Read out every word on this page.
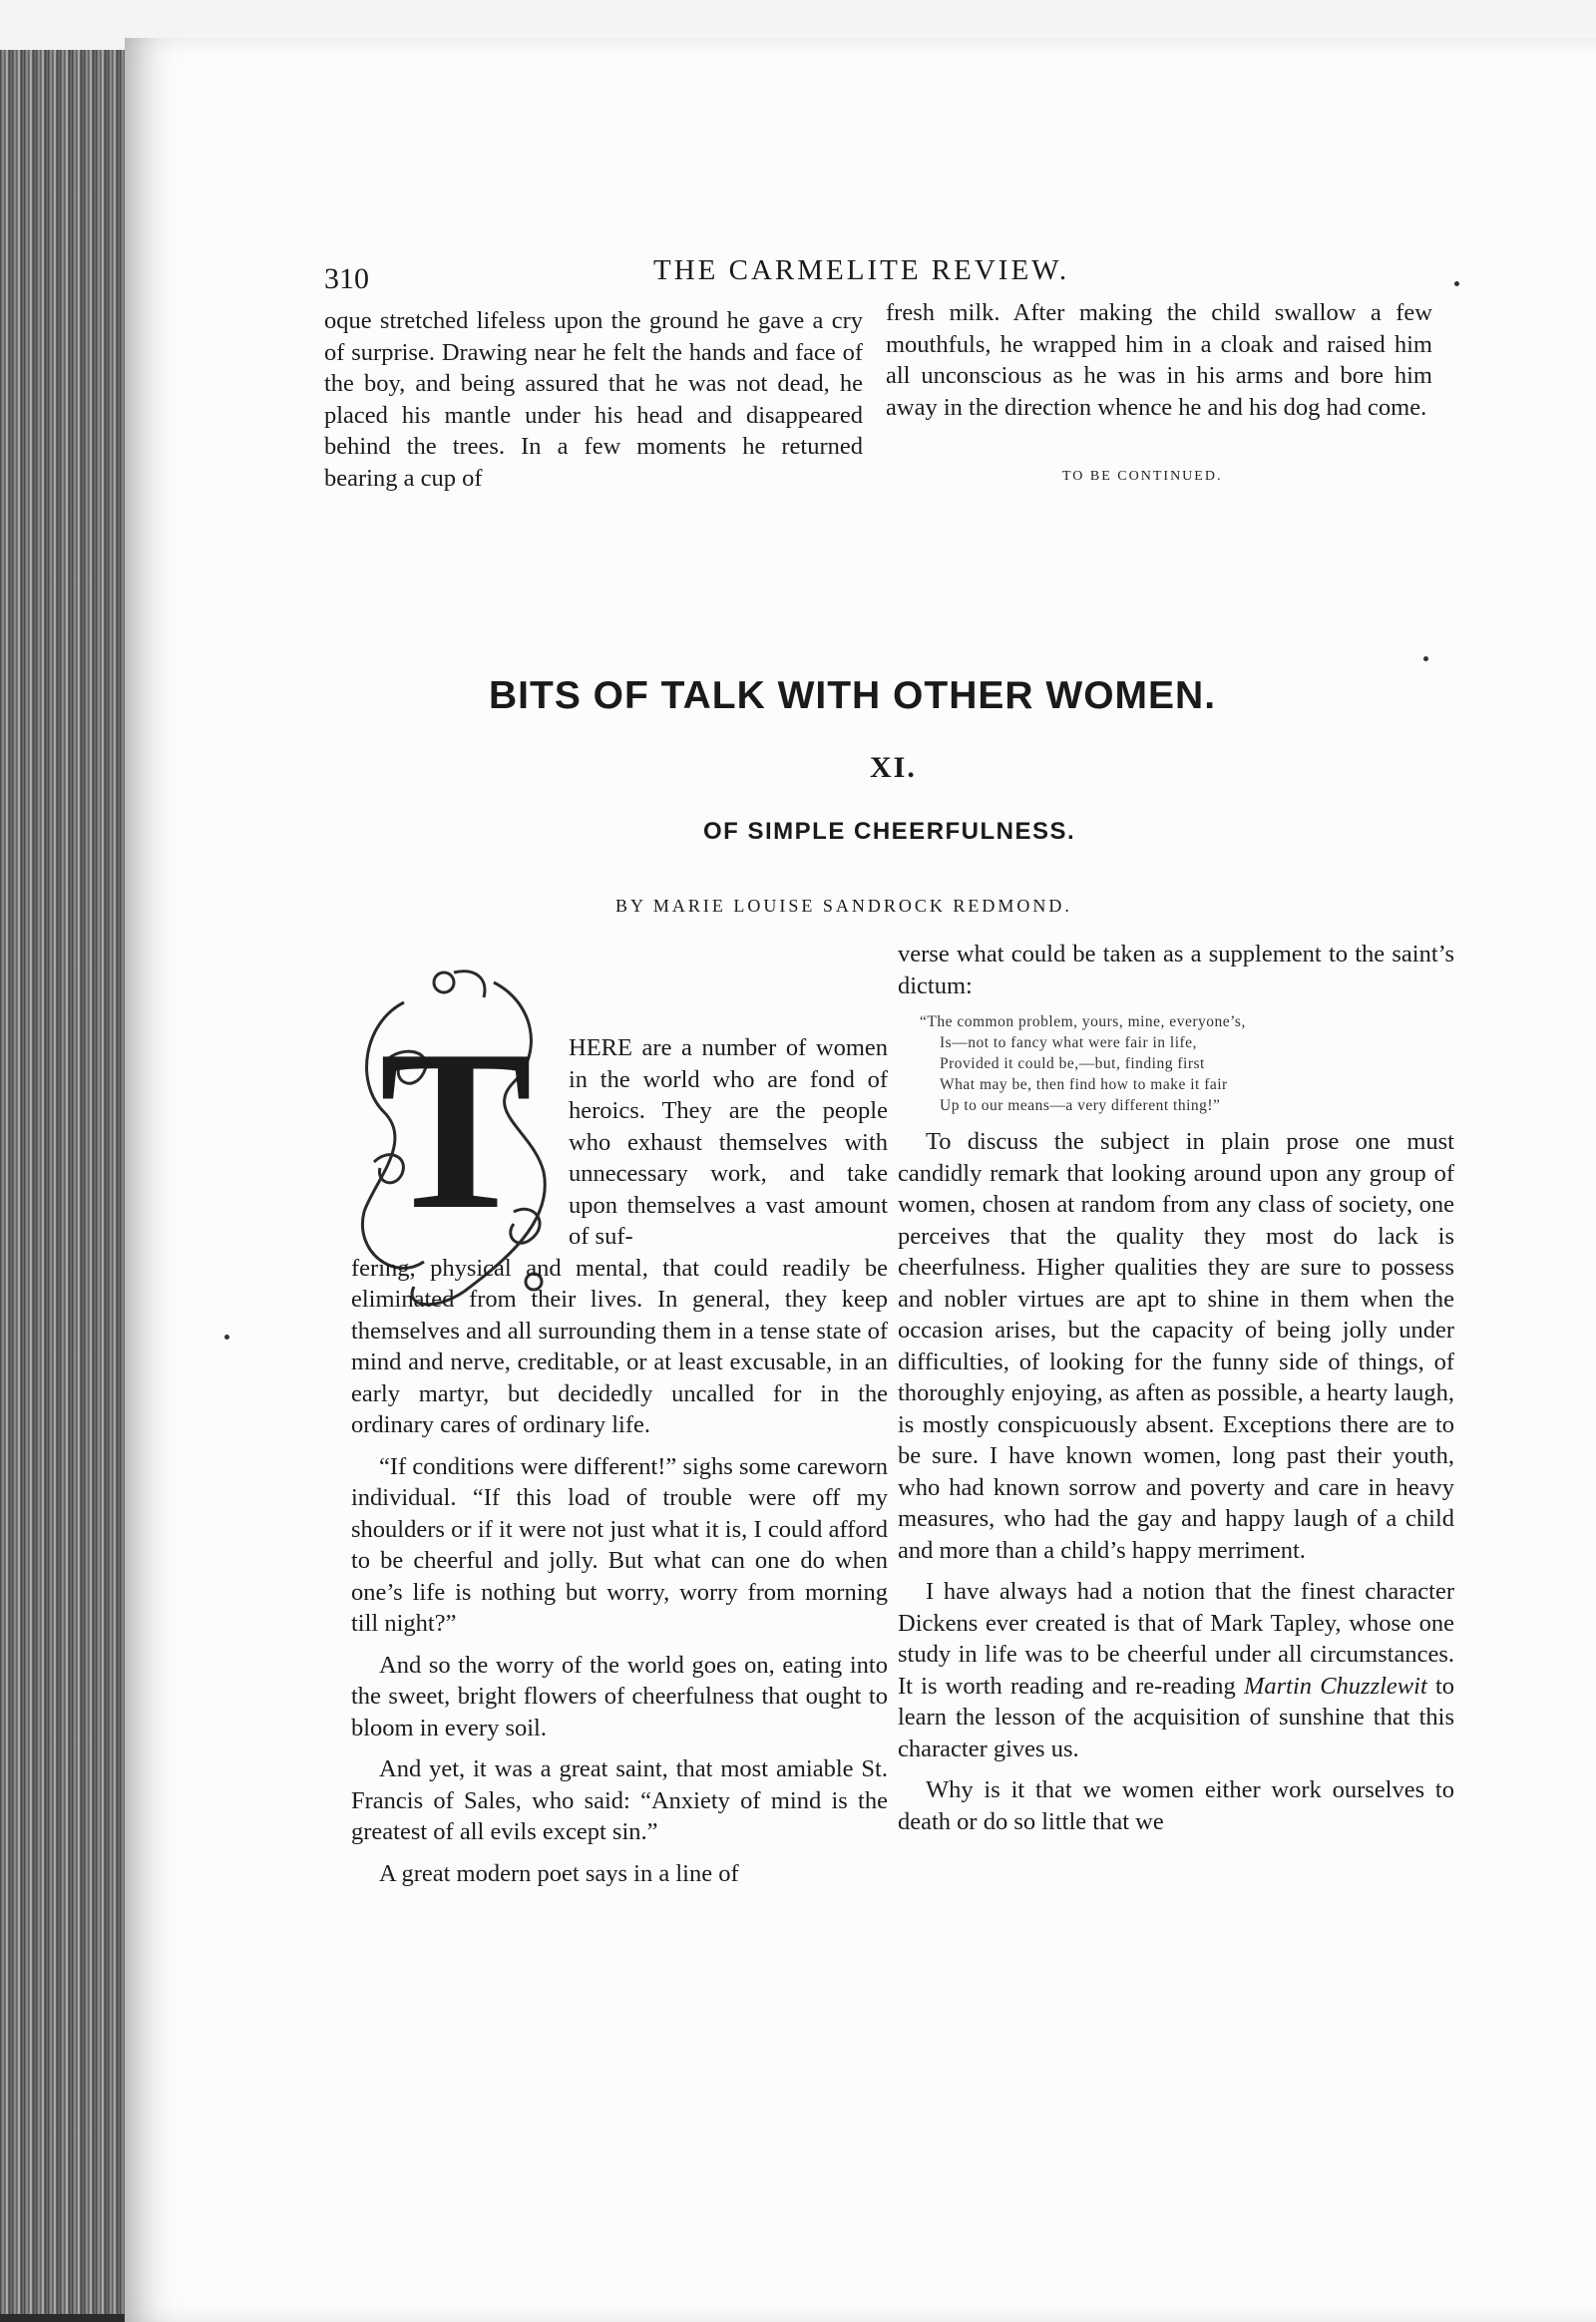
310	THE CARMELITE REVIEW.

oque stretched lifeless upon the ground he gave a cry of surprise. Drawing near he felt the hands and face of the boy, and being assured that he was not dead, he placed his mantle under his head and disappeared behind the trees. In a few moments he returned bearing a cup of

fresh milk. After making the child swallow a few mouthfuls, he wrapped him in a cloak and raised him all unconscious as he was in his arms and bore him away in the direction whence he and his dog had come.

TO BE CONTINUED.
BITS OF TALK WITH OTHER WOMEN.
XI.
OF SIMPLE CHEERFULNESS.
BY MARIE LOUISE SANDROCK REDMOND.
T HERE are a number of women in the world who are fond of heroics. They are the people who exhaust themselves with unnecessary work, and take upon themselves a vast amount of suf-

fering, physical and mental, that could readily be eliminated from their lives. In general, they keep themselves and all surrounding them in a tense state of mind and nerve, creditable, or at least excusable, in an early martyr, but decidedly uncalled for in the ordinary cares of ordinary life.

“If conditions were different!” sighs some careworn individual. “If this load of trouble were off my shoulders or if it were not just what it is, I could afford to be cheerful and jolly. But what can one do when one’s life is nothing but worry, worry from morning till night?”

And so the worry of the world goes on, eating into the sweet, bright flowers of cheerfulness that ought to bloom in every soil.

And yet, it was a great saint, that most amiable St. Francis of Sales, who said: “Anxiety of mind is the greatest of all evils except sin.”

A great modern poet says in a line of

verse what could be taken as a supplement to the saint’s dictum:

“The common problem, yours, mine, everyone’s,
Is—not to fancy what were fair in life,
Provided it could be,—but, finding first
What may be, then find how to make it fair
Up to our means—a very different thing!”

To discuss the subject in plain prose one must candidly remark that looking around upon any group of women, chosen at random from any class of society, one perceives that the quality they most do lack is cheerfulness. Higher qualities they are sure to possess and nobler virtues are apt to shine in them when the occasion arises, but the capacity of being jolly under difficulties, of looking for the funny side of things, of thoroughly enjoying, as aften as possible, a hearty laugh, is mostly conspicuously absent. Exceptions there are to be sure. I have known women, long past their youth, who had known sorrow and poverty and care in heavy measures, who had the gay and happy laugh of a child and more than a child’s happy merriment.

I have always had a notion that the finest character Dickens ever created is that of Mark Tapley, whose one study in life was to be cheerful under all circumstances. It is worth reading and re-reading Martin Chuzzlewit to learn the lesson of the acquisition of sunshine that this character gives us.

Why is it that we women either work ourselves to death or do so little that we
